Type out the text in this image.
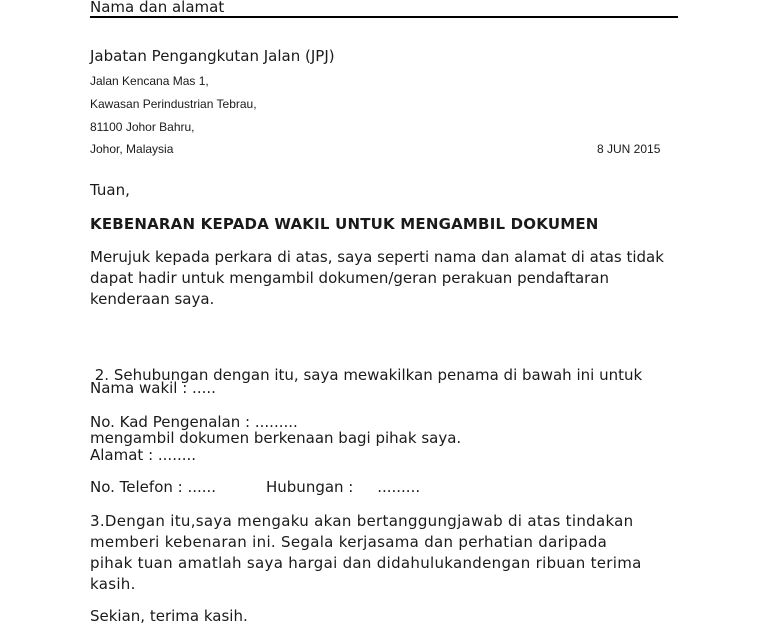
Nama dan alamat
Jabatan Pengangkutan Jalan (JPJ)
Jalan Kencana Mas 1,
Kawasan Perindustrian Tebrau,
81100 Johor Bahru,
Johor, Malaysia	8 JUN 2015
Tuan,
KEBENARAN KEPADA WAKIL UNTUK MENGAMBIL DOKUMEN

Merujuk kepada perkara di atas, saya seperti nama dan alamat di atas tidak
dapat hadir untuk mengambil dokumen/geran perakuan pendaftaran
kenderaan saya.

2. Sehubungan dengan itu, saya mewakilkan penama di bawah ini untuk

mengambil dokumen berkenaan bagi pihak saya.

Nama wakil : .....
No. Kad Pengenalan : .........
Alamat : ........
No. Telefon : ......	Hubungan :     .........

3.Dengan itu,saya mengaku akan bertanggungjawab di atas tindakan
memberi kebenaran ini. Segala kerjasama dan perhatian daripada
pihak tuan amatlah saya hargai dan didahulukandengan ribuan terima
kasih.

Sekian, terima kasih.
